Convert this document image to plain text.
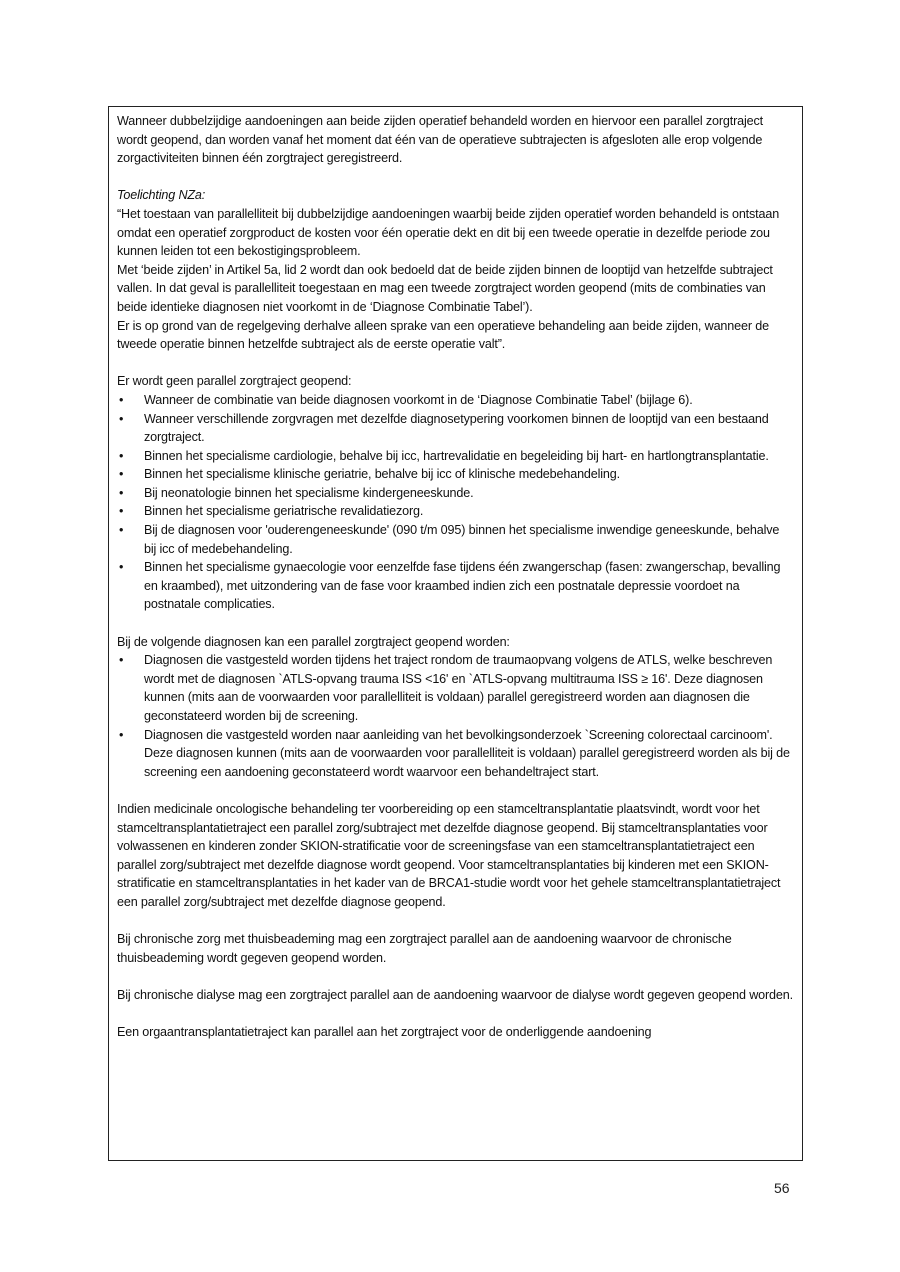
Wanneer dubbelzijdige aandoeningen aan beide zijden operatief behandeld worden en hiervoor een parallel zorgtraject wordt geopend, dan worden vanaf het moment dat één van de operatieve subtrajecten is afgesloten alle erop volgende zorgactiviteiten binnen één zorgtraject geregistreerd.

Toelichting NZa:

“Het toestaan van parallelliteit bij dubbelzijdige aandoeningen waarbij beide zijden operatief worden behandeld is ontstaan omdat een operatief zorgproduct de kosten voor één operatie dekt en dit bij een tweede operatie in dezelfde periode zou kunnen leiden tot een bekostigingsprobleem.

Met ‘beide zijden’ in Artikel 5a, lid 2 wordt dan ook bedoeld dat de beide zijden binnen de looptijd van hetzelfde subtraject vallen. In dat geval is parallelliteit toegestaan en mag een tweede zorgtraject worden geopend (mits de combinaties van beide identieke diagnosen niet voorkomt in de ‘Diagnose Combinatie Tabel’).

Er is op grond van de regelgeving derhalve alleen sprake van een operatieve behandeling aan beide zijden, wanneer de tweede operatie binnen hetzelfde subtraject als de eerste operatie valt”.

Er wordt geen parallel zorgtraject geopend:

• Wanneer de combinatie van beide diagnosen voorkomt in de ‘Diagnose Combinatie Tabel’ (bijlage 6).
• Wanneer verschillende zorgvragen met dezelfde diagnosetypering voorkomen binnen de looptijd van een bestaand zorgtraject.
• Binnen het specialisme cardiologie, behalve bij icc, hartrevalidatie en begeleiding bij hart- en hartlongtransplantatie.
• Binnen het specialisme klinische geriatrie, behalve bij icc of klinische medebehandeling.
• Bij neonatologie binnen het specialisme kindergeneeskunde.
• Binnen het specialisme geriatrische revalidatiezorg.
• Bij de diagnosen voor 'ouderengeneeskunde' (090 t/m 095) binnen het specialisme inwendige geneeskunde, behalve bij icc of medebehandeling.
• Binnen het specialisme gynaecologie voor eenzelfde fase tijdens één zwangerschap (fasen: zwangerschap, bevalling en kraambed), met uitzondering van de fase voor kraambed indien zich een postnatale depressie voordoet na postnatale complicaties.

Bij de volgende diagnosen kan een parallel zorgtraject geopend worden:

• Diagnosen die vastgesteld worden tijdens het traject rondom de traumaopvang volgens de ATLS, welke beschreven wordt met de diagnosen `ATLS-opvang trauma ISS <16' en `ATLS-opvang multitrauma ISS ≥ 16'. Deze diagnosen kunnen (mits aan de voorwaarden voor parallelliteit is voldaan) parallel geregistreerd worden aan diagnosen die geconstateerd worden bij de screening.
• Diagnosen die vastgesteld worden naar aanleiding van het bevolkingsonderzoek `Screening colorectaal carcinoom'. Deze diagnosen kunnen (mits aan de voorwaarden voor parallelliteit is voldaan) parallel geregistreerd worden als bij de screening een aandoening geconstateerd wordt waarvoor een behandeltraject start.

Indien medicinale oncologische behandeling ter voorbereiding op een stamceltransplantatie plaatsvindt, wordt voor het stamceltransplantatietraject een parallel zorg/subtraject met dezelfde diagnose geopend. Bij stamceltransplantaties voor volwassenen en kinderen zonder SKION-stratificatie voor de screeningsfase van een stamceltransplantatietraject een parallel zorg/subtraject met dezelfde diagnose wordt geopend. Voor stamceltransplantaties bij kinderen met een SKION-stratificatie en stamceltransplantaties in het kader van de BRCA1-studie wordt voor het gehele stamceltransplantatietraject een parallel zorg/subtraject met dezelfde diagnose geopend.

Bij chronische zorg met thuisbeademing mag een zorgtraject parallel aan de aandoening waarvoor de chronische thuisbeademing wordt gegeven geopend worden.

Bij chronische dialyse mag een zorgtraject parallel aan de aandoening waarvoor de dialyse wordt gegeven geopend worden.

Een orgaantransplantatietraject kan parallel aan het zorgtraject voor de onderliggende aandoening

56
